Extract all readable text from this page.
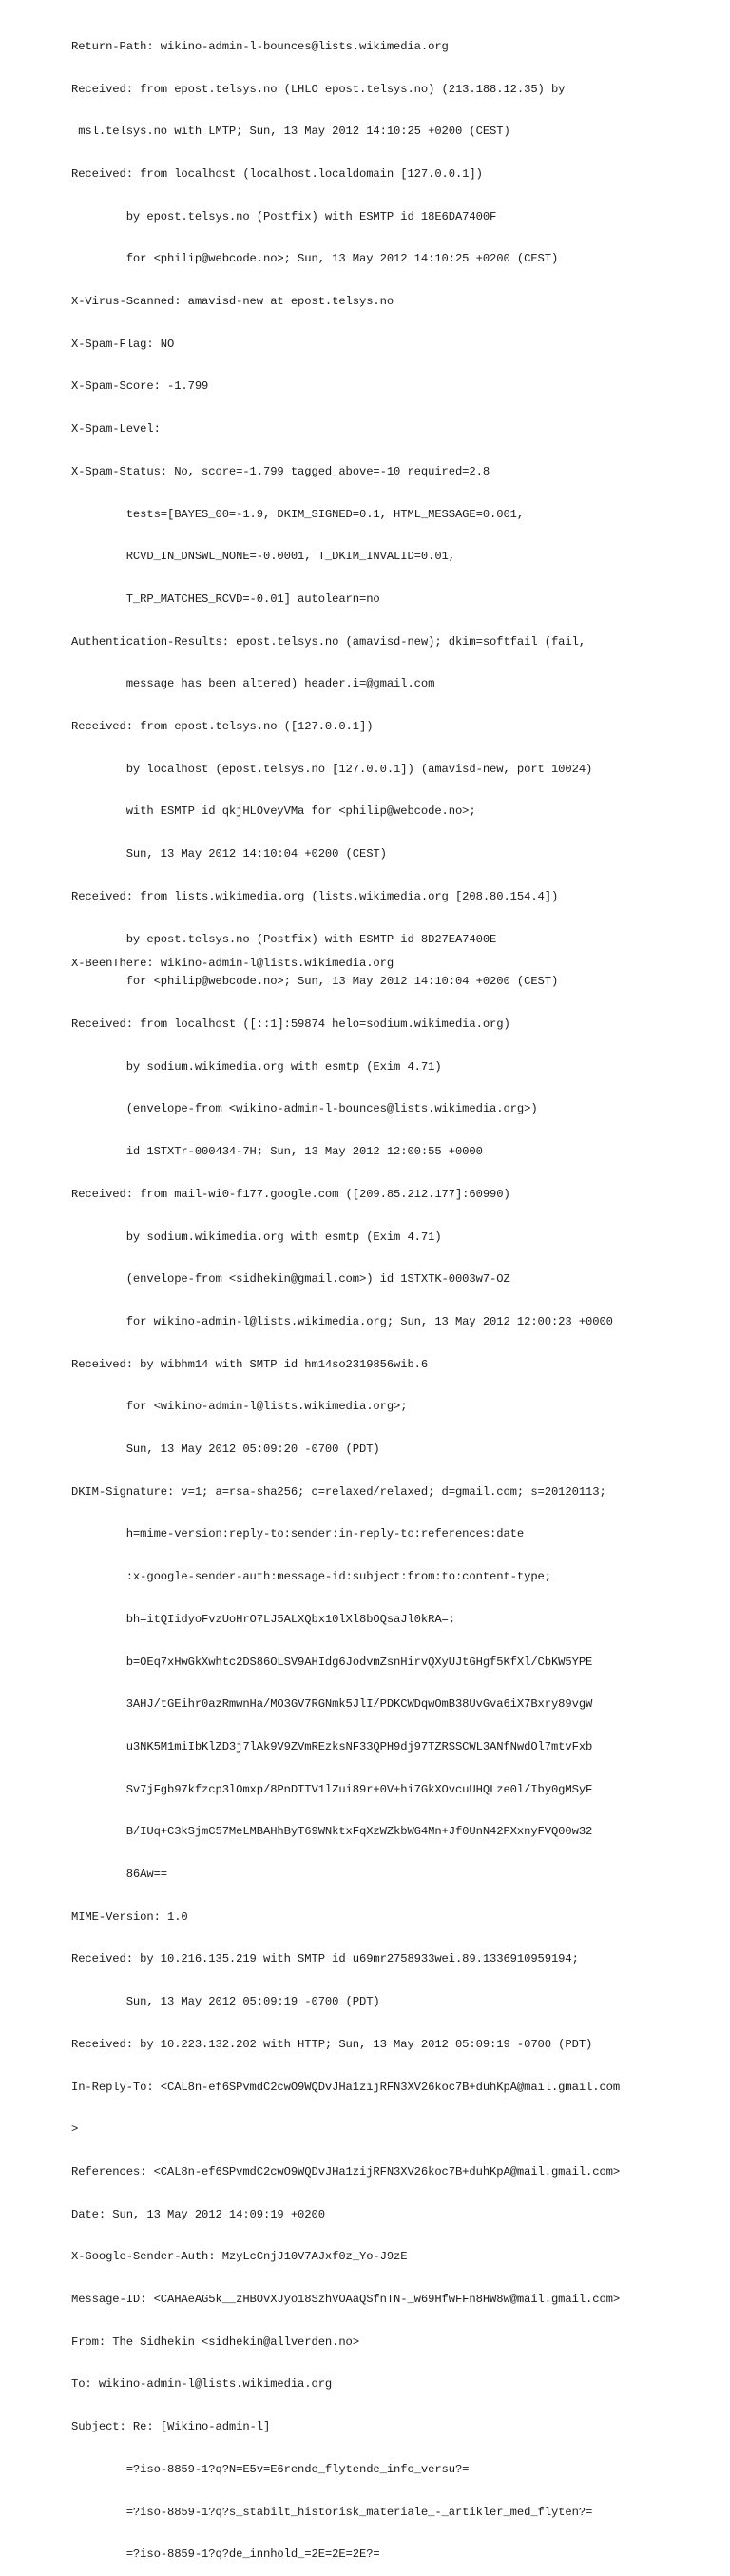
Return-Path: wikino-admin-l-bounces@lists.wikimedia.org

Received: from epost.telsys.no (LHLO epost.telsys.no) (213.188.12.35) by

msl.telsys.no with LMTP; Sun, 13 May 2012 14:10:25 +0200 (CEST)

Received: from localhost (localhost.localdomain [127.0.0.1])

by epost.telsys.no (Postfix) with ESMTP id 18E6DA7400F

for <philip@webcode.no>; Sun, 13 May 2012 14:10:25 +0200 (CEST)

X-Virus-Scanned: amavisd-new at epost.telsys.no

X-Spam-Flag: NO

X-Spam-Score: -1.799

X-Spam-Level:

X-Spam-Status: No, score=-1.799 tagged_above=-10 required=2.8

tests=[BAYES_00=-1.9, DKIM_SIGNED=0.1, HTML_MESSAGE=0.001,

RCVD_IN_DNSWL_NONE=-0.0001, T_DKIM_INVALID=0.01,

T_RP_MATCHES_RCVD=-0.01] autolearn=no

Authentication-Results: epost.telsys.no (amavisd-new); dkim=softfail (fail,

message has been altered) header.i=@gmail.com

Received: from epost.telsys.no ([127.0.0.1])

by localhost (epost.telsys.no [127.0.0.1]) (amavisd-new, port 10024)

with ESMTP id qkjHLOveyVMa for <philip@webcode.no>;

Sun, 13 May 2012 14:10:04 +0200 (CEST)

Received: from lists.wikimedia.org (lists.wikimedia.org [208.80.154.4])

by epost.telsys.no (Postfix) with ESMTP id 8D27EA7400E

for <philip@webcode.no>; Sun, 13 May 2012 14:10:04 +0200 (CEST)

Received: from localhost ([::1]:59874 helo=sodium.wikimedia.org)

by sodium.wikimedia.org with esmtp (Exim 4.71)

(envelope-from <wikino-admin-l-bounces@lists.wikimedia.org>)

id 1STXTr-000434-7H; Sun, 13 May 2012 12:00:55 +0000

Received: from mail-wi0-f177.google.com ([209.85.212.177]:60990)

by sodium.wikimedia.org with esmtp (Exim 4.71)

(envelope-from <sidhekin@gmail.com>) id 1STXTK-0003w7-OZ

for wikino-admin-l@lists.wikimedia.org; Sun, 13 May 2012 12:00:23 +0000

Received: by wibhm14 with SMTP id hm14so2319856wib.6

for <wikino-admin-l@lists.wikimedia.org>;

Sun, 13 May 2012 05:09:20 -0700 (PDT)

DKIM-Signature: v=1; a=rsa-sha256; c=relaxed/relaxed; d=gmail.com; s=20120113;

h=mime-version:reply-to:sender:in-reply-to:references:date

:x-google-sender-auth:message-id:subject:from:to:content-type;

bh=itQIidyoFvzUoHrO7LJ5ALXQbx10lXl8bOQsaJl0kRA=;

b=OEq7xHwGkXwhtc2DS86OLSV9AHIdg6JodvmZsnHirvQXyUJtGHgf5KfXl/CbKW5YPE

3AHJ/tGEihr0azRmwnHa/MO3GV7RGNmk5JlI/PDKCWDqwOmB38UvGva6iX7Bxry89vgW

u3NK5M1miIbKlZD3j7lAk9V9ZVmREzksNF33QPH9dj97TZRSSCWL3ANfNwdOl7mtvFxb

Sv7jFgb97kfzcp3lOmxp/8PnDTTV1lZui89r+0V+hi7GkXOvcuUHQLze0l/Iby0gMSyF

B/IUq+C3kSjmC57MeLMBAHhByT69WNktxFqXzWZkbWG4Mn+Jf0UnN42PXxnyFVQ00w32

86Aw==

MIME-Version: 1.0

Received: by 10.216.135.219 with SMTP id u69mr2758933wei.89.1336910959194;

Sun, 13 May 2012 05:09:19 -0700 (PDT)

Received: by 10.223.132.202 with HTTP; Sun, 13 May 2012 05:09:19 -0700 (PDT)

In-Reply-To: <CAL8n-ef6SPvmdC2cwO9WQDvJHa1zijRFN3XV26koc7B+duhKpA@mail.gmail.com

>

References: <CAL8n-ef6SPvmdC2cwO9WQDvJHa1zijRFN3XV26koc7B+duhKpA@mail.gmail.com>

Date: Sun, 13 May 2012 14:09:19 +0200

X-Google-Sender-Auth: MzyLcCnjJ10V7AJxf0z_Yo-J9zE

Message-ID: <CAHAeAG5k__zHBOvXJyo18SzhVOAaQSfnTN-_w69HfwFFn8HW8w@mail.gmail.com>

From: The Sidhekin <sidhekin@allverden.no>

To: wikino-admin-l@lists.wikimedia.org

Subject: Re: [Wikino-admin-l]

=?iso-8859-1?q?N=E5v=E6rende_flytende_info_versu?=

=?iso-8859-1?q?s_stabilt_historisk_materiale_-_artikler_med_flyten?=

=?iso-8859-1?q?de_innhold_=2E=2E=2E?=

X-BeenThere: wikino-admin-l@lists.wikimedia.org
